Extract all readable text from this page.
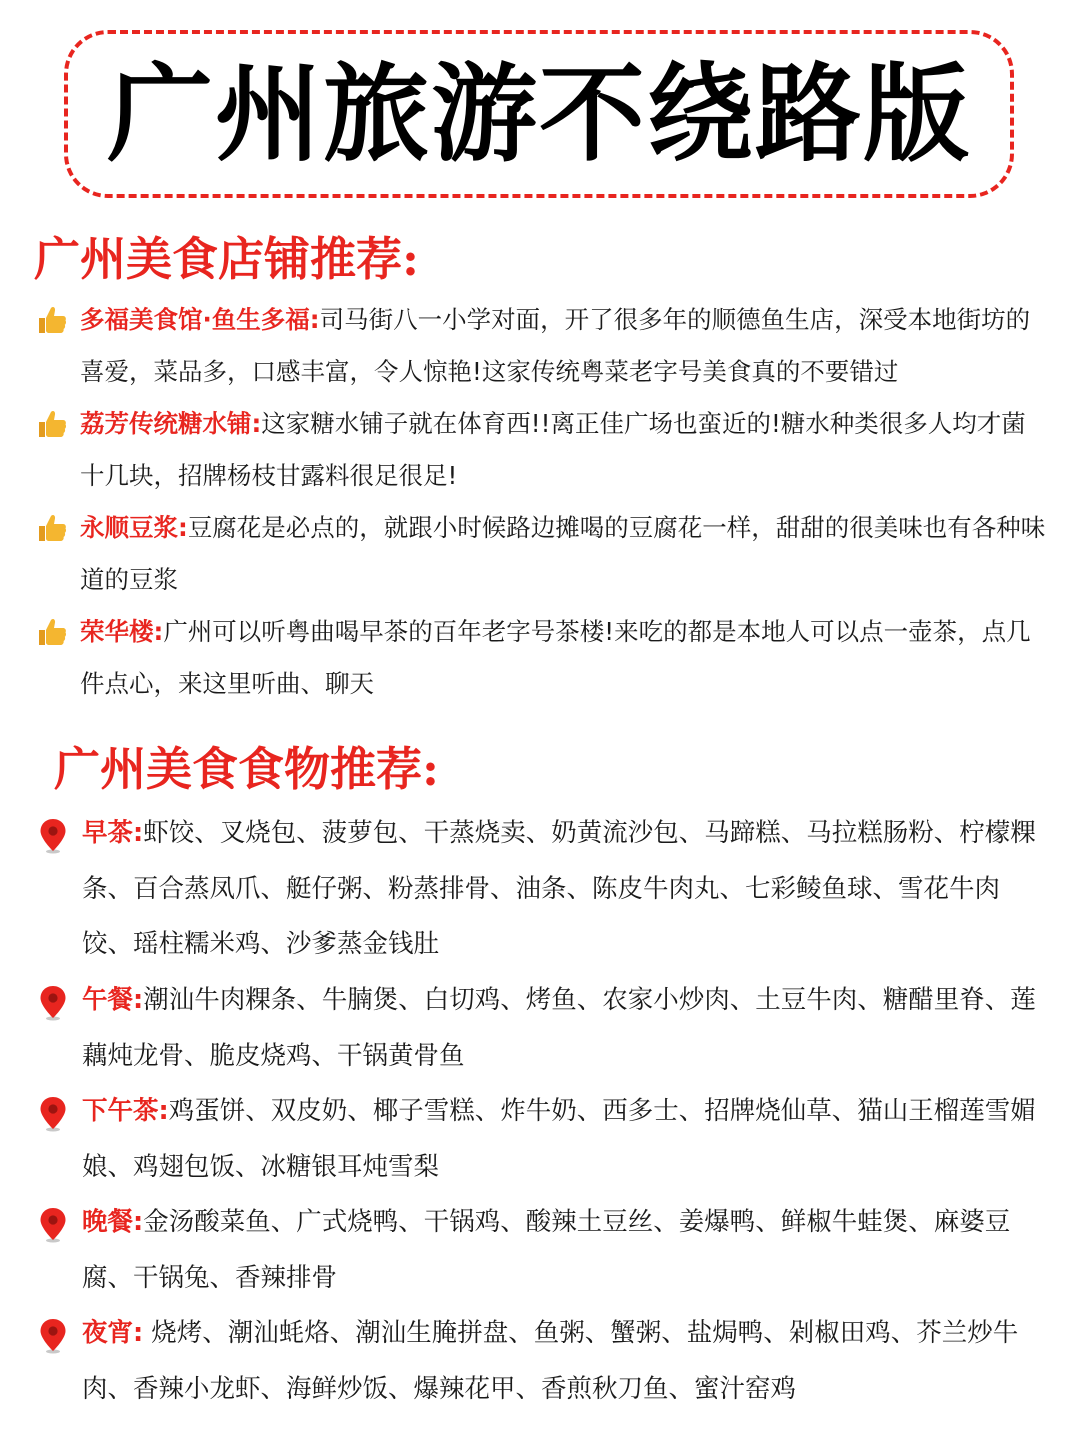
广州旅游不绕路版
广州美食店铺推荐:
多福美食馆·鱼生多福:司马街八一小学对面，开了很多年的顺德鱼生店，深受本地街坊的喜爱，菜品多，口感丰富，令人惊艳!这家传统粤菜老字号美食真的不要错过
荔芳传统糖水铺:这家糖水铺子就在体育西!!离正佳广场也蛮近的!糖水种类很多人均才菌十几块，招牌杨枝甘露料很足很足!
永顺豆浆:豆腐花是必点的，就跟小时候路边摊喝的豆腐花一样，甜甜的很美味也有各种味道的豆浆
荣华楼:广州可以听粤曲喝早茶的百年老字号茶楼!来吃的都是本地人可以点一壶茶，点几件点心，来这里听曲、聊天
广州美食食物推荐:
早茶:虾饺、叉烧包、菠萝包、干蒸烧卖、奶黄流沙包、马蹄糕、马拉糕肠粉、柠檬粿条、百合蒸凤爪、艇仔粥、粉蒸排骨、油条、陈皮牛肉丸、七彩鲮鱼球、雪花牛肉饺、瑶柱糯米鸡、沙爹蒸金钱肚
午餐:潮汕牛肉粿条、牛腩煲、白切鸡、烤鱼、农家小炒肉、土豆牛肉、糖醋里脊、莲藕炖龙骨、脆皮烧鸡、干锅黄骨鱼
下午茶:鸡蛋饼、双皮奶、椰子雪糕、炸牛奶、西多士、招牌烧仙草、猫山王榴莲雪媚娘、鸡翅包饭、冰糖银耳炖雪梨
晚餐:金汤酸菜鱼、广式烧鸭、干锅鸡、酸辣土豆丝、姜爆鸭、鲜椒牛蛙煲、麻婆豆腐、干锅兔、香辣排骨
夜宵: 烧烤、潮汕蚝烙、潮汕生腌拼盘、鱼粥、蟹粥、盐焗鸭、剁椒田鸡、芥兰炒牛肉、香辣小龙虾、海鲜炒饭、爆辣花甲、香煎秋刀鱼、蜜汁窑鸡
